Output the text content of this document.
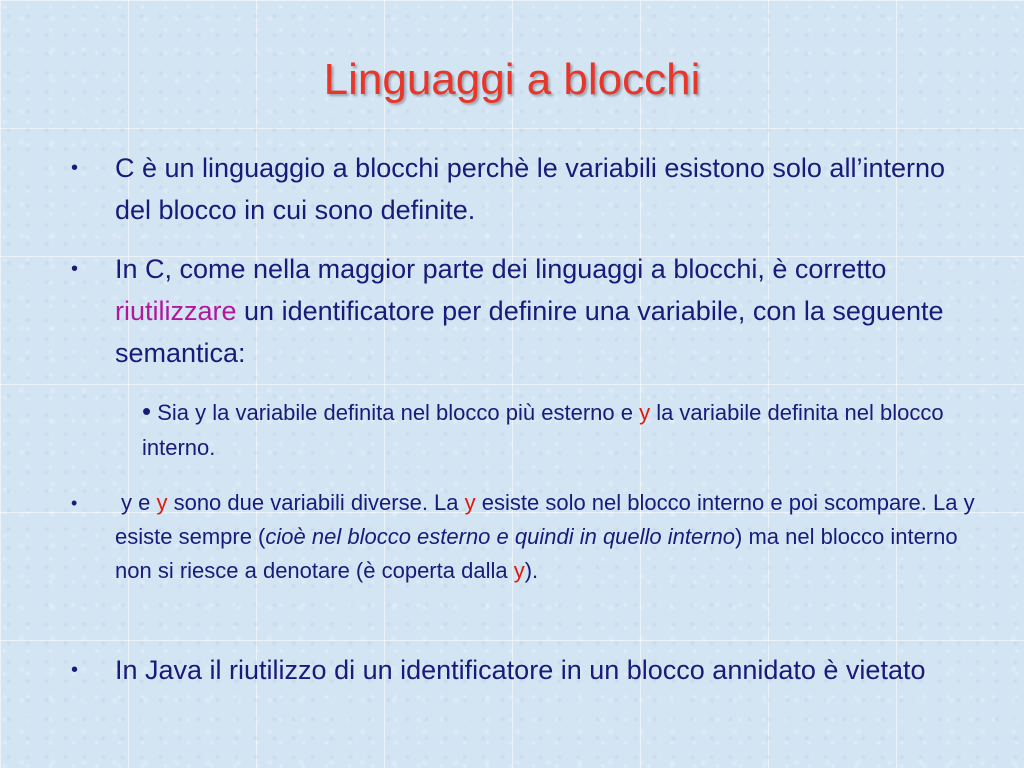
Linguaggi a blocchi
• C è un linguaggio a blocchi perchè le variabili esistono solo all’interno del blocco in cui sono definite.
• In C, come nella maggior parte dei linguaggi a blocchi, è corretto riutilizzare un identificatore per definire una variabile, con la seguente semantica:
• Sia y la variabile definita nel blocco più esterno e y la variabile definita nel blocco interno.
• y e y sono due variabili diverse. La y esiste solo nel blocco interno e poi scompare. La y esiste sempre (cioè nel blocco esterno e quindi in quello interno) ma nel blocco interno non si riesce a denotare (è coperta dalla y).
• In Java il riutilizzo di un identificatore in un blocco annidato è vietato
